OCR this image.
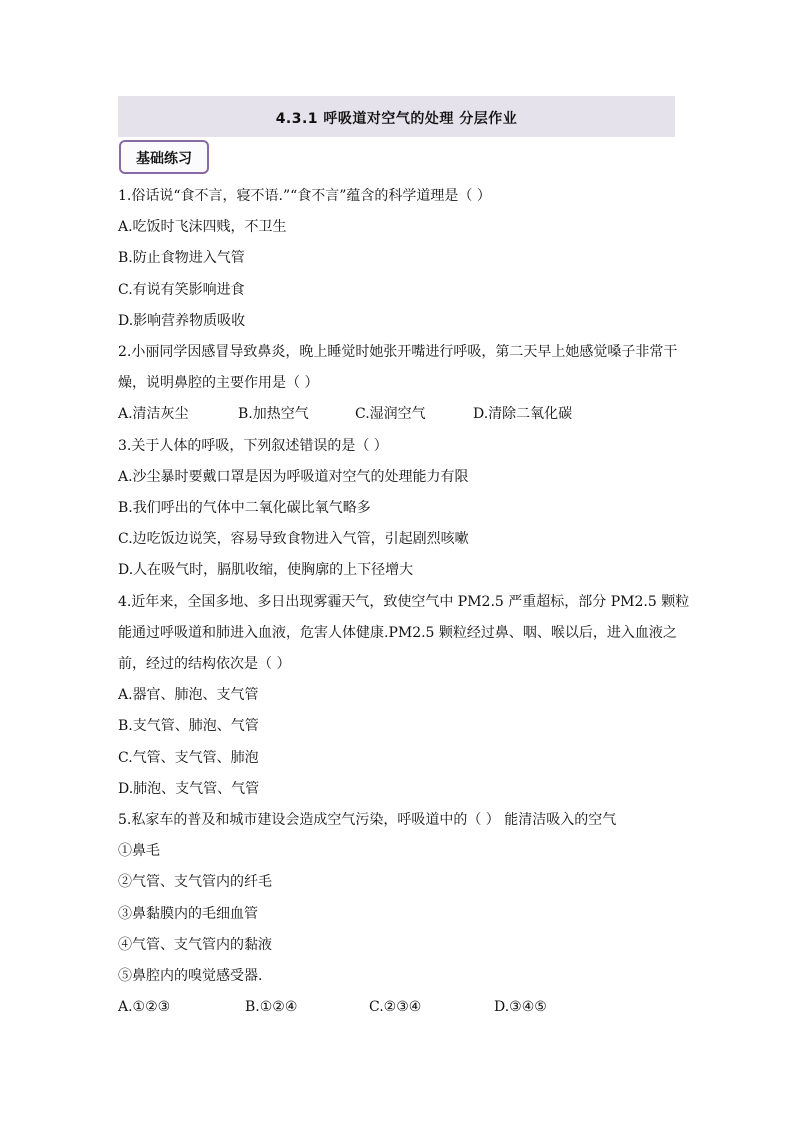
4.3.1 呼吸道对空气的处理 分层作业
基础练习
1.俗话说“食不言，寝不语.”“食不言”蕴含的科学道理是（ ）
A.吃饭时飞沫四贱，不卫生
B.防止食物进入气管
C.有说有笑影响进食
D.影响营养物质吸收
2.小丽同学因感冒导致鼻炎，晚上睡觉时她张开嘴进行呼吸，第二天早上她感觉嗓子非常干
燥，说明鼻腔的主要作用是（ ）
A.清洁灰尘	B.加热空气	C.湿润空气	D.清除二氧化碳
3.关于人体的呼吸，下列叙述错误的是（ ）
A.沙尘暴时要戴口罩是因为呼吸道对空气的处理能力有限
B.我们呼出的气体中二氧化碳比氧气略多
C.边吃饭边说笑，容易导致食物进入气管，引起剧烈咳嗽
D.人在吸气时，膈肌收缩，使胸廓的上下径增大
4.近年来，全国多地、多日出现雾霾天气，致使空气中 PM2.5 严重超标，部分 PM2.5 颗粒
能通过呼吸道和肺进入血液，危害人体健康.PM2.5 颗粒经过鼻、咽、喉以后，进入血液之
前，经过的结构依次是（ ）
A.器官、肺泡、支气管
B.支气管、肺泡、气管
C.气管、支气管、肺泡
D.肺泡、支气管、气管
5.私家车的普及和城市建设会造成空气污染，呼吸道中的（ ） 能清洁吸入的空气
①鼻毛
②气管、支气管内的纤毛
③鼻黏膜内的毛细血管
④气管、支气管内的黏液
⑤鼻腔内的嗅觉感受器.
A.①②③	B.①②④	C.②③④	D.③④⑤
